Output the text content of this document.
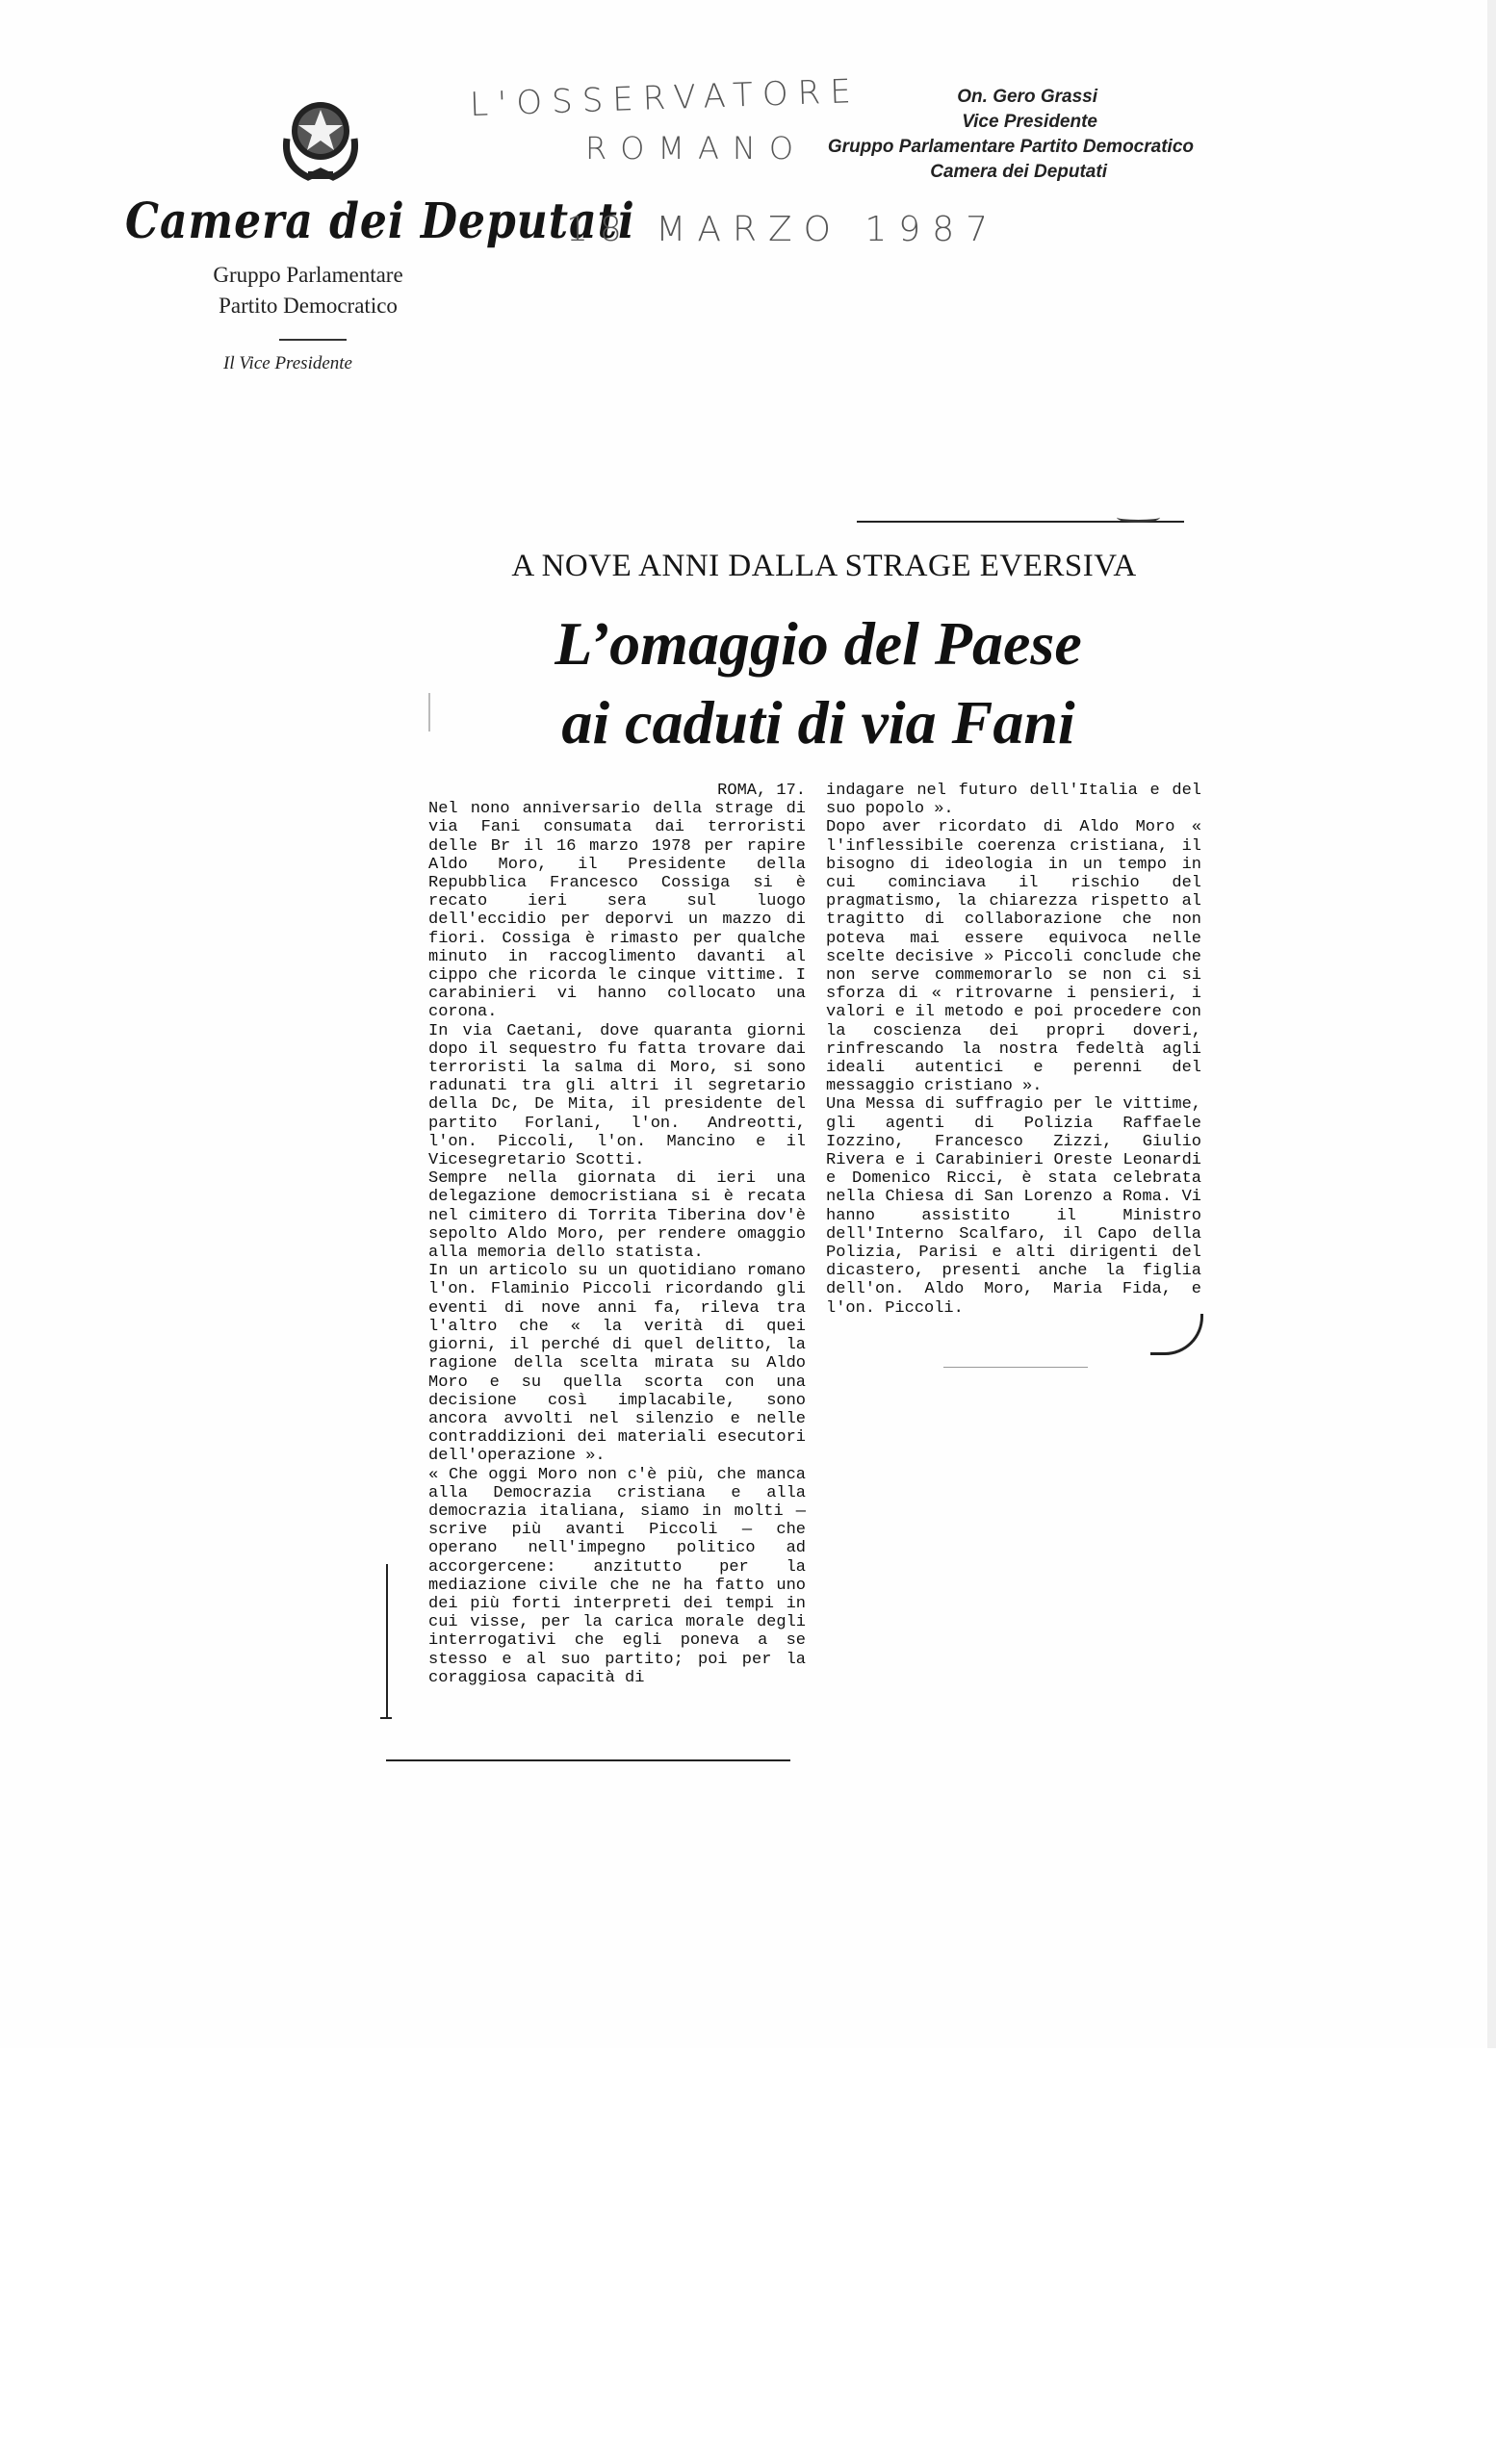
Camera dei Deputati
Gruppo Parlamentare
Partito Democratico
Il Vice Presidente
L'OSSERVATORE
ROMANO
18 MARZO 1987
On. Gero Grassi
Vice Presidente
Gruppo Parlamentare Partito Democratico
Camera dei Deputati
A NOVE ANNI DALLA STRAGE EVERSIVA
L’omaggio del Paese
ai caduti di via Fani
ROMA, 17.

Nel nono anniversario della strage di via Fani consumata dai terroristi delle Br il 16 marzo 1978 per rapire Aldo Moro, il Presidente della Repubblica Francesco Cossiga si è recato ieri sera sul luogo dell'eccidio per deporvi un mazzo di fiori. Cossiga è rimasto per qualche minuto in raccoglimento davanti al cippo che ricorda le cinque vittime. I carabinieri vi hanno collocato una corona.

In via Caetani, dove quaranta giorni dopo il sequestro fu fatta trovare dai terroristi la salma di Moro, si sono radunati tra gli altri il segretario della Dc, De Mita, il presidente del partito Forlani, l'on. Andreotti, l'on. Piccoli, l'on. Mancino e il Vicesegretario Scotti.

Sempre nella giornata di ieri una delegazione democristiana si è recata nel cimitero di Torrita Tiberina dov'è sepolto Aldo Moro, per rendere omaggio alla memoria dello statista.

In un articolo su un quotidiano romano l'on. Flaminio Piccoli ricordando gli eventi di nove anni fa, rileva tra l'altro che « la verità di quei giorni, il perché di quel delitto, la ragione della scelta mirata su Aldo Moro e su quella scorta con una decisione così implacabile, sono ancora avvolti nel silenzio e nelle contraddizioni dei materiali esecutori dell'operazione ».

« Che oggi Moro non c'è più, che manca alla Democrazia cristiana e alla democrazia italiana, siamo in molti — scrive più avanti Piccoli — che operano nell'impegno politico ad accorgercene: anzitutto per la mediazione civile che ne ha fatto uno dei più forti interpreti dei tempi in cui visse, per la carica morale degli interrogativi che egli poneva a se stesso e al suo partito; poi per la coraggiosa capacità di

indagare nel futuro dell'Italia e del suo popolo ».

Dopo aver ricordato di Aldo Moro « l'inflessibile coerenza cristiana, il bisogno di ideologia in un tempo in cui cominciava il rischio del pragmatismo, la chiarezza rispetto al tragitto di collaborazione che non poteva mai essere equivoca nelle scelte decisive » Piccoli conclude che non serve commemorarlo se non ci si sforza di « ritrovarne i pensieri, i valori e il metodo e poi procedere con la coscienza dei propri doveri, rinfrescando la nostra fedeltà agli ideali autentici e perenni del messaggio cristiano ».

Una Messa di suffragio per le vittime, gli agenti di Polizia Raffaele Iozzino, Francesco Zizzi, Giulio Rivera e i Carabinieri Oreste Leonardi e Domenico Ricci, è stata celebrata nella Chiesa di San Lorenzo a Roma. Vi hanno assistito il Ministro dell'Interno Scalfaro, il Capo della Polizia, Parisi e alti dirigenti del dicastero, presenti anche la figlia dell'on. Aldo Moro, Maria Fida, e l'on. Piccoli.
